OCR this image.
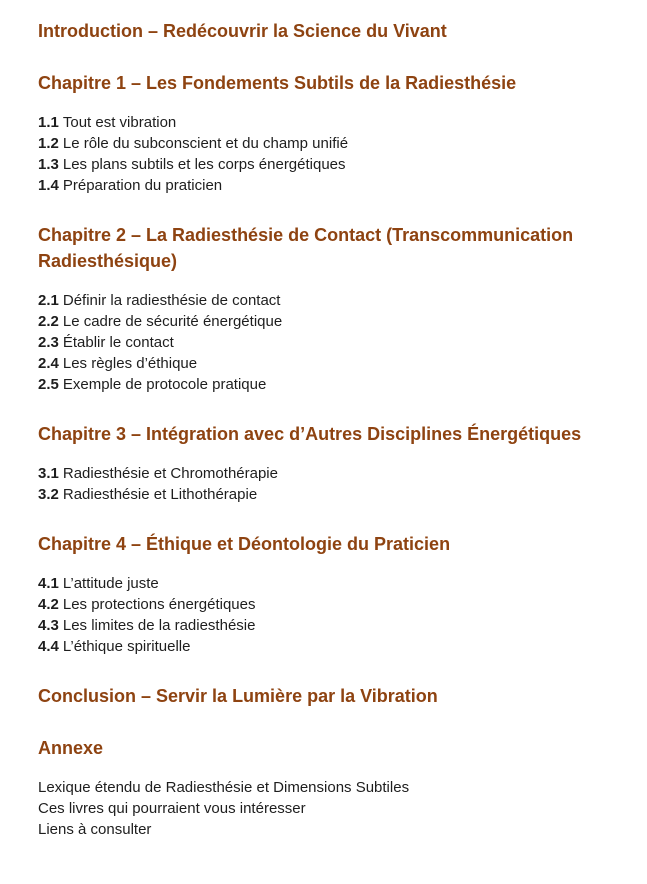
Introduction – Redécouvrir la Science du Vivant
Chapitre 1 – Les Fondements Subtils de la Radiesthésie
1.1 Tout est vibration
1.2 Le rôle du subconscient et du champ unifié
1.3 Les plans subtils et les corps énergétiques
1.4 Préparation du praticien
Chapitre 2 – La Radiesthésie de Contact (Transcommunication Radiesthésique)
2.1 Définir la radiesthésie de contact
2.2 Le cadre de sécurité énergétique
2.3 Établir le contact
2.4 Les règles d’éthique
2.5 Exemple de protocole pratique
Chapitre 3 – Intégration avec d’Autres Disciplines Énergétiques
3.1 Radiesthésie et Chromothérapie
3.2 Radiesthésie et Lithothérapie
Chapitre 4 – Éthique et Déontologie du Praticien
4.1 L’attitude juste
4.2 Les protections énergétiques
4.3 Les limites de la radiesthésie
4.4 L’éthique spirituelle
Conclusion – Servir la Lumière par la Vibration
Annexe
Lexique étendu de Radiesthésie et Dimensions Subtiles
Ces livres qui pourraient vous intéresser
Liens à consulter
